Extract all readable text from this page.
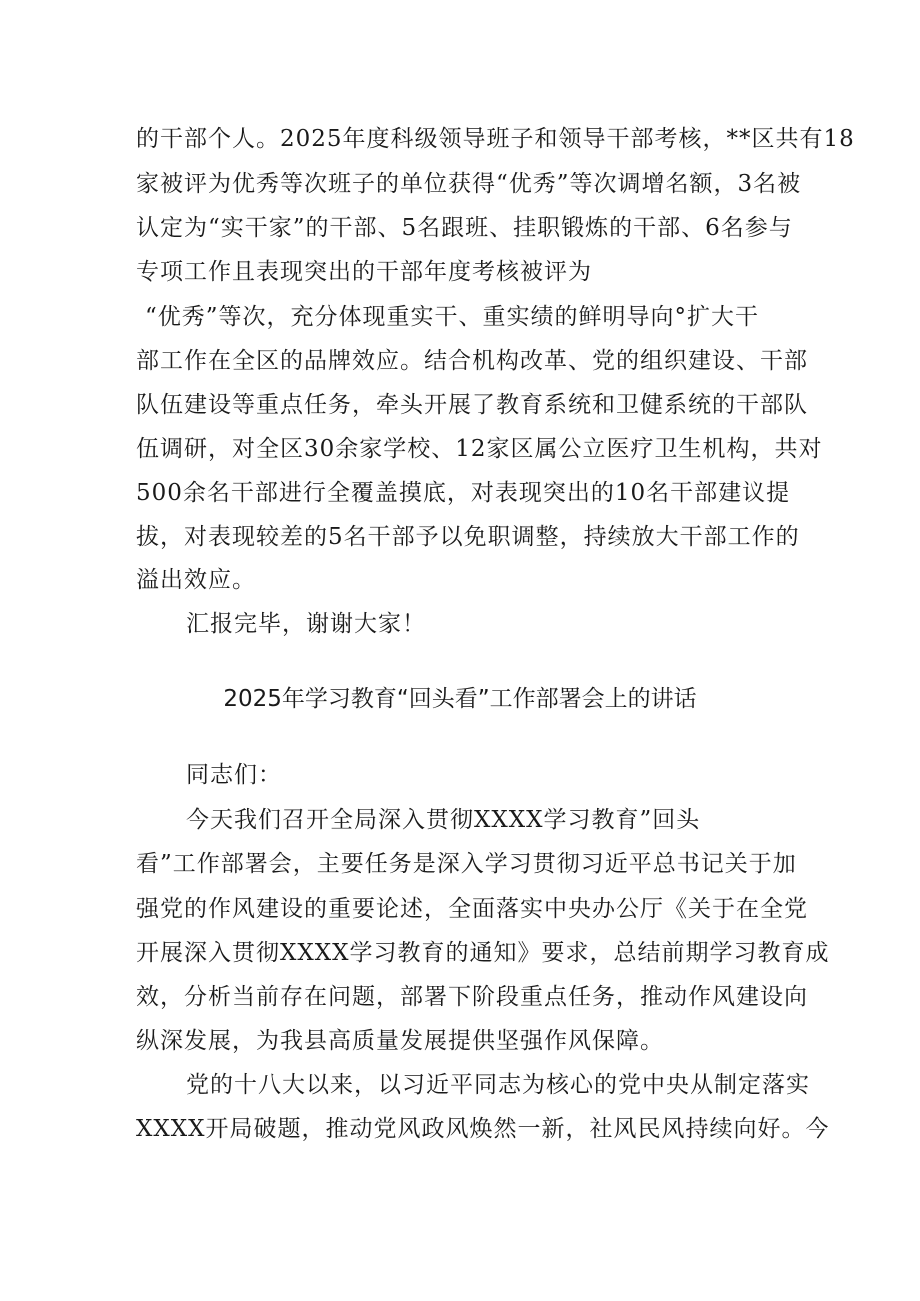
的干部个人。2025年度科级领导班子和领导干部考核，**区共有18
家被评为优秀等次班子的单位获得“优秀”等次调增名额，3名被
认定为“实干家”的干部、5名跟班、挂职锻炼的干部、6名参与
专项工作且表现突出的干部年度考核被评为
“优秀”等次，充分体现重实干、重实绩的鲜明导向°扩大干
部工作在全区的品牌效应。结合机构改革、党的组织建设、干部
队伍建设等重点任务，牵头开展了教育系统和卫健系统的干部队
伍调研，对全区30余家学校、12家区属公立医疗卫生机构，共对
500余名干部进行全覆盖摸底，对表现突出的10名干部建议提
拔，对表现较差的5名干部予以免职调整，持续放大干部工作的
溢出效应。
汇报完毕，谢谢大家！
2025年学习教育“回头看”工作部署会上的讲话
同志们：
今天我们召开全局深入贯彻XXXX学习教育”回头
看”工作部署会，主要任务是深入学习贯彻习近平总书记关于加
强党的作风建设的重要论述，全面落实中央办公厅《关于在全党
开展深入贯彻XXXX学习教育的通知》要求，总结前期学习教育成
效，分析当前存在问题，部署下阶段重点任务，推动作风建设向
纵深发展，为我县高质量发展提供坚强作风保障。
党的十八大以来，以习近平同志为核心的党中央从制定落实
XXXX开局破题，推动党风政风焕然一新，社风民风持续向好。今
